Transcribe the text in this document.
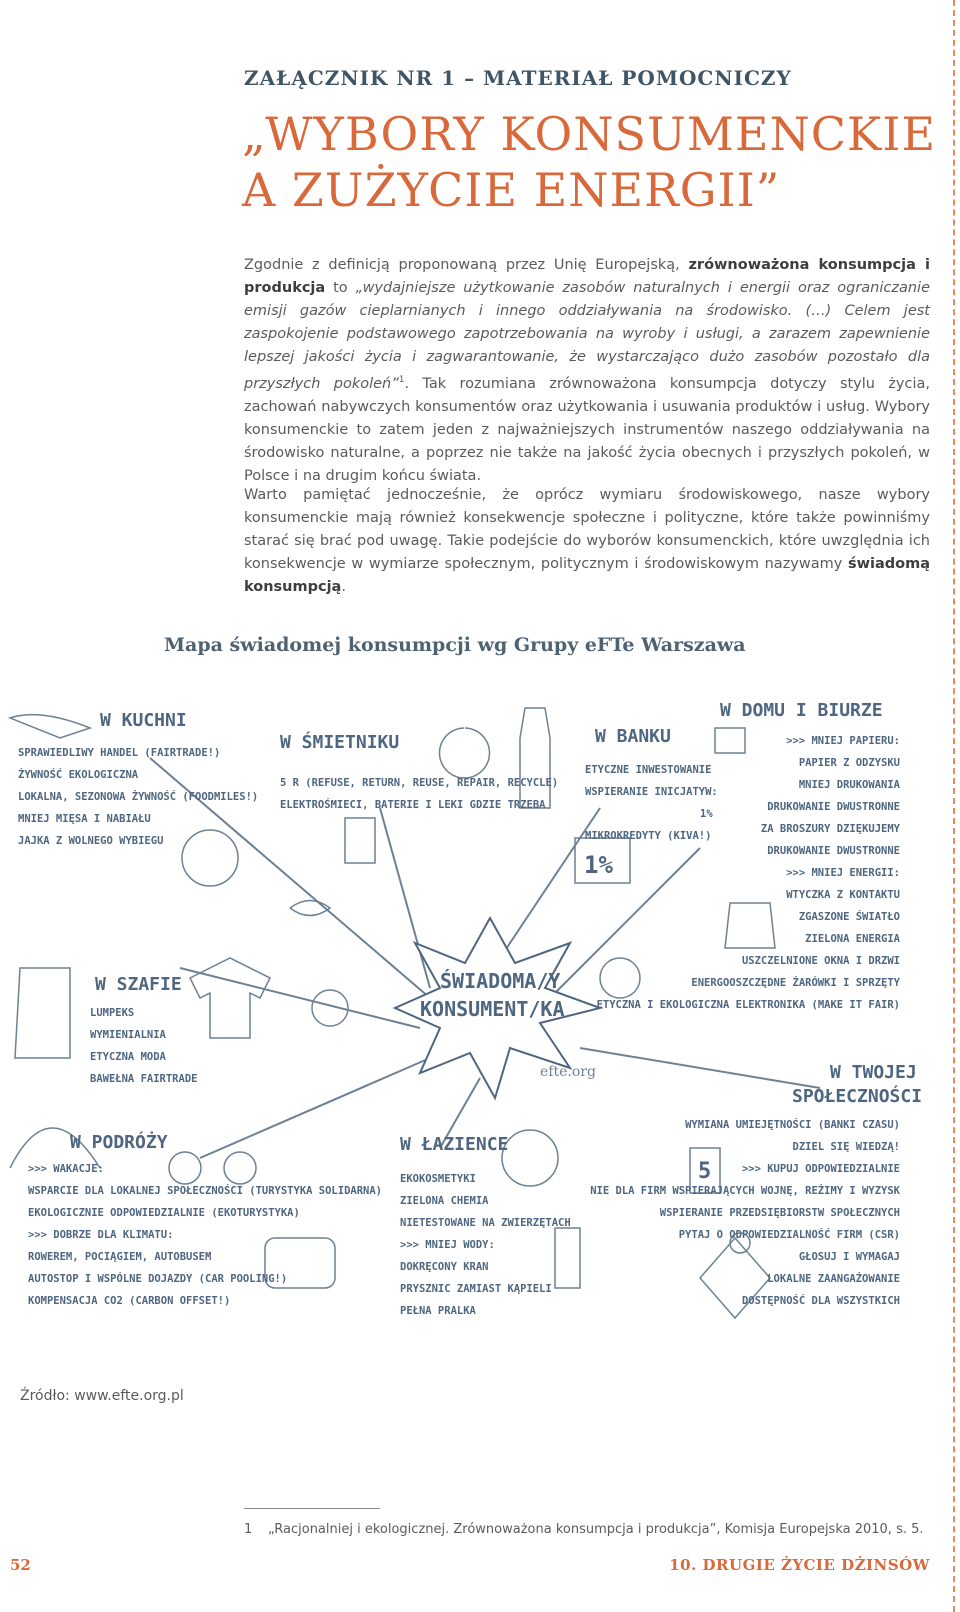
ZAŁĄCZNIK NR 1 – MATERIAŁ POMOCNICZY
„WYBORY KONSUMENCKIE
A ZUŻYCIE ENERGII”

Zgodnie z definicją proponowaną przez Unię Europejską, zrównoważona konsumpcja i produkcja to „wydajniejsze użytkowanie zasobów naturalnych i energii oraz ograniczanie emisji gazów cieplarnianych i innego oddziaływania na środowisko. (…) Celem jest zaspokojenie podstawowego zapotrzebowania na wyroby i usługi, a zarazem zapewnienie lepszej jakości życia i zagwarantowanie, że wystarczająco dużo zasobów pozostało dla przyszłych pokoleń”$^1$. Tak rozumiana zrównoważona konsumpcja dotyczy stylu życia, zachowań nabywczych konsumentów oraz użytkowania i usuwania produktów i usług. Wybory konsumenckie to zatem jeden z najważniejszych instrumentów naszego oddziaływania na środowisko naturalne, a poprzez nie także na jakość życia obecnych i przyszłych pokoleń, w Polsce i na drugim końcu świata.

Warto pamiętać jednocześnie, że oprócz wymiaru środowiskowego, nasze wybory konsumenckie mają również konsekwencje społeczne i polityczne, które także powinniśmy starać się brać pod uwagę. Takie podejście do wyborów konsumenckich, które uwzględnia ich konsekwencje w wymiarze społecznym, politycznym i środowiskowym nazywamy świadomą konsumpcją.

Mapa świadomej konsumpcji wg Grupy eFTe Warszawa
ŚWIADOMA/Y
KONSUMENT/KA
efte.org
W KUCHNI
SPRAWIEDLIWY HANDEL (FAIRTRADE!)
ŻYWNOŚĆ EKOLOGICZNA
LOKALNA, SEZONOWA ŻYWNOŚĆ (FOODMILES!)
MNIEJ MIĘSA I NABIAŁU
JAJKA Z WOLNEGO WYBIEGU
W ŚMIETNIKU
5 R (REFUSE, RETURN, REUSE, REPAIR, RECYCLE)
ELEKTROŚMIECI, BATERIE I LEKI GDZIE TRZEBA
W BANKU
ETYCZNE INWESTOWANIE
WSPIERANIE INICJATYW:
1%
MIKROKREDYTY (KIVA!)
1%
W DOMU I BIURZE
>>> MNIEJ PAPIERU:
PAPIER Z ODZYSKU
MNIEJ DRUKOWANIA
DRUKOWANIE DWUSTRONNE
ZA BROSZURY DZIĘKUJEMY
DRUKOWANIE DWUSTRONNE
>>> MNIEJ ENERGII:
WTYCZKA Z KONTAKTU
ZGASZONE ŚWIATŁO
ZIELONA ENERGIA
USZCZELNIONE OKNA I DRZWI
ENERGOOSZCZĘDNE ŻARÓWKI I SPRZĘTY
ETYCZNA I EKOLOGICZNA ELEKTRONIKA (MAKE IT FAIR)
W SZAFIE
LUMPEKS
WYMIENIALNIA
ETYCZNA MODA
BAWEŁNA FAIRTRADE	W TWOJEJ
SPOŁECZNOŚCI
5
WYMIANA UMIEJĘTNOŚCI (BANKI CZASU)
DZIEL SIĘ WIEDZĄ!
>>> KUPUJ ODPOWIEDZIALNIE
NIE DLA FIRM WSPIERAJĄCYCH WOJNĘ, REŻIMY I WYZYSK
WSPIERANIE PRZEDSIĘBIORSTW SPOŁECZNYCH
PYTAJ O ODPOWIEDZIALNOŚĆ FIRM (CSR)
GŁOSUJ I WYMAGAJ
LOKALNE ZAANGAŻOWANIE
DOSTĘPNOŚĆ DLA WSZYSTKICH
W PODRÓŻY
>>> WAKACJE:
WSPARCIE DLA LOKALNEJ SPOŁECZNOŚCI (TURYSTYKA SOLIDARNA)
EKOLOGICZNIE ODPOWIEDZIALNIE (EKOTURYSTYKA)
>>> DOBRZE DLA KLIMATU:
ROWEREM, POCIĄGIEM, AUTOBUSEM
AUTOSTOP I WSPÓLNE DOJAZDY (CAR POOLING!)
KOMPENSACJA CO2 (CARBON OFFSET!)
W ŁAZIENCE
EKOKOSMETYKI
ZIELONA CHEMIA
NIETESTOWANE NA ZWIERZĘTACH
>>> MNIEJ WODY:
DOKRĘCONY KRAN
PRYSZNIC ZAMIAST KĄPIELI
PEŁNA PRALKA
Źródło: www.efte.org.pl
1 „Racjonalniej i ekologicznej. Zrównoważona konsumpcja i produkcja”, Komisja Europejska 2010, s. 5.
52	10. DRUGIE ŻYCIE DŻINSÓW
